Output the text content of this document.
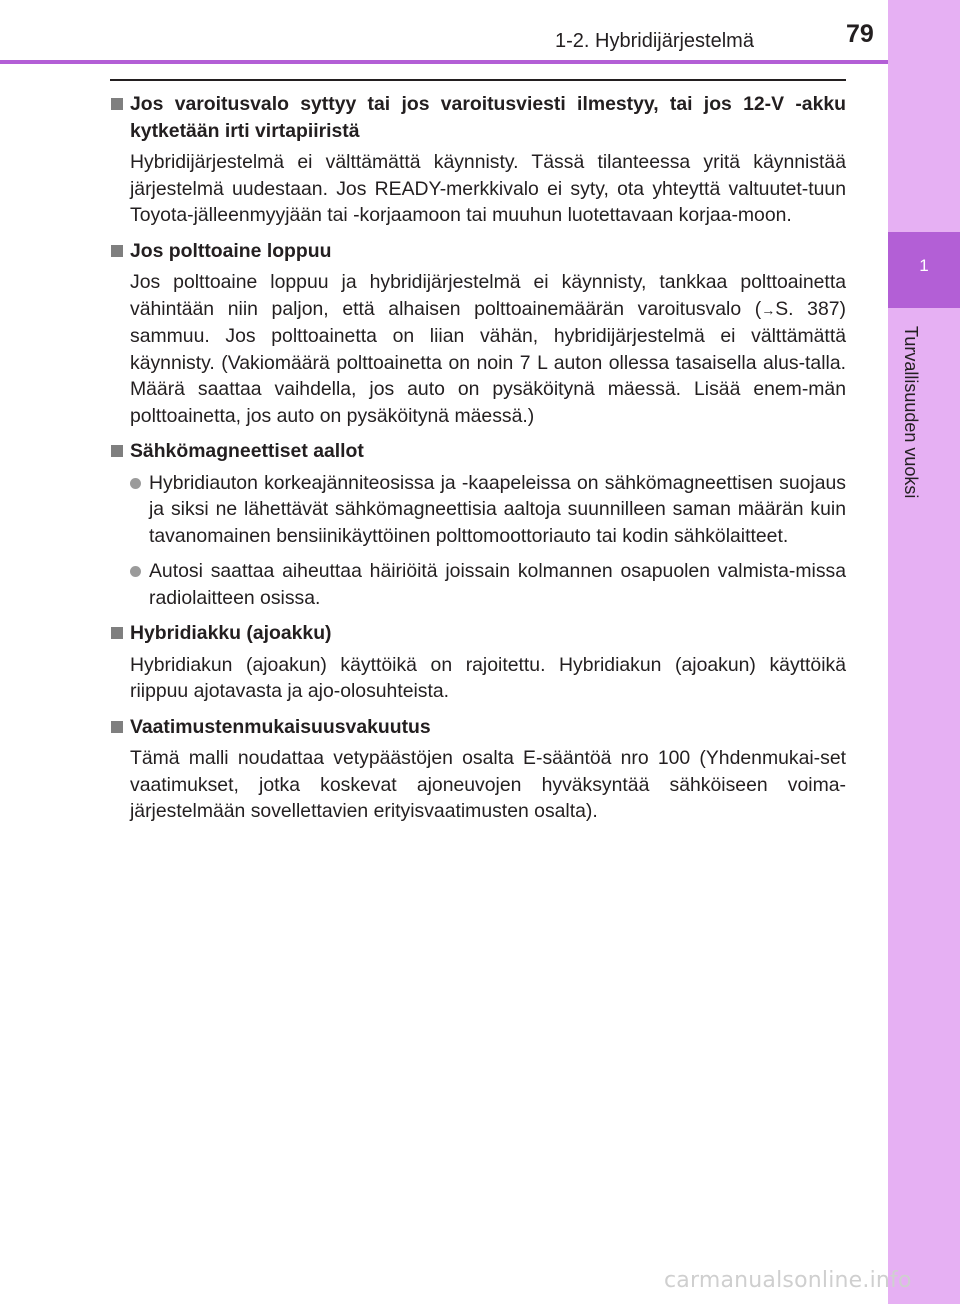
1
Turvallisuuden vuoksi
1-2. Hybridijärjestelmä	79
Jos varoitusvalo syttyy tai jos varoitusviesti ilmestyy, tai jos 12-V -akku kytketään irti virtapiiristä
Hybridijärjestelmä ei välttämättä käynnisty. Tässä tilanteessa yritä käynnistää järjestelmä uudestaan. Jos READY-merkkivalo ei syty, ota yhteyttä valtuutet-tuun Toyota-jälleenmyyjään tai -korjaamoon tai muuhun luotettavaan korjaa-moon.
Jos polttoaine loppuu
Jos polttoaine loppuu ja hybridijärjestelmä ei käynnisty, tankkaa polttoainetta vähintään niin paljon, että alhaisen polttoainemäärän varoitusvalo (→S. 387) sammuu. Jos polttoainetta on liian vähän, hybridijärjestelmä ei välttämättä käynnisty. (Vakiomäärä polttoainetta on noin 7 L auton ollessa tasaisella alus-talla. Määrä saattaa vaihdella, jos auto on pysäköitynä mäessä. Lisää enem-män polttoainetta, jos auto on pysäköitynä mäessä.)
Sähkömagneettiset aallot
Hybridiauton korkeajänniteosissa ja -kaapeleissa on sähkömagneettisen suojaus ja siksi ne lähettävät sähkömagneettisia aaltoja suunnilleen saman määrän kuin tavanomainen bensiinikäyttöinen polttomoottoriauto tai kodin sähkölaitteet.
Autosi saattaa aiheuttaa häiriöitä joissain kolmannen osapuolen valmista-missa radiolaitteen osissa.
Hybridiakku (ajoakku)
Hybridiakun (ajoakun) käyttöikä on rajoitettu. Hybridiakun (ajoakun) käyttöikä riippuu ajotavasta ja ajo-olosuhteista.
Vaatimustenmukaisuusvakuutus
Tämä malli noudattaa vetypäästöjen osalta E-sääntöä nro 100 (Yhdenmukai-set vaatimukset, jotka koskevat ajoneuvojen hyväksyntää sähköiseen voima-järjestelmään sovellettavien erityisvaatimusten osalta).
carmanualsonline.info
